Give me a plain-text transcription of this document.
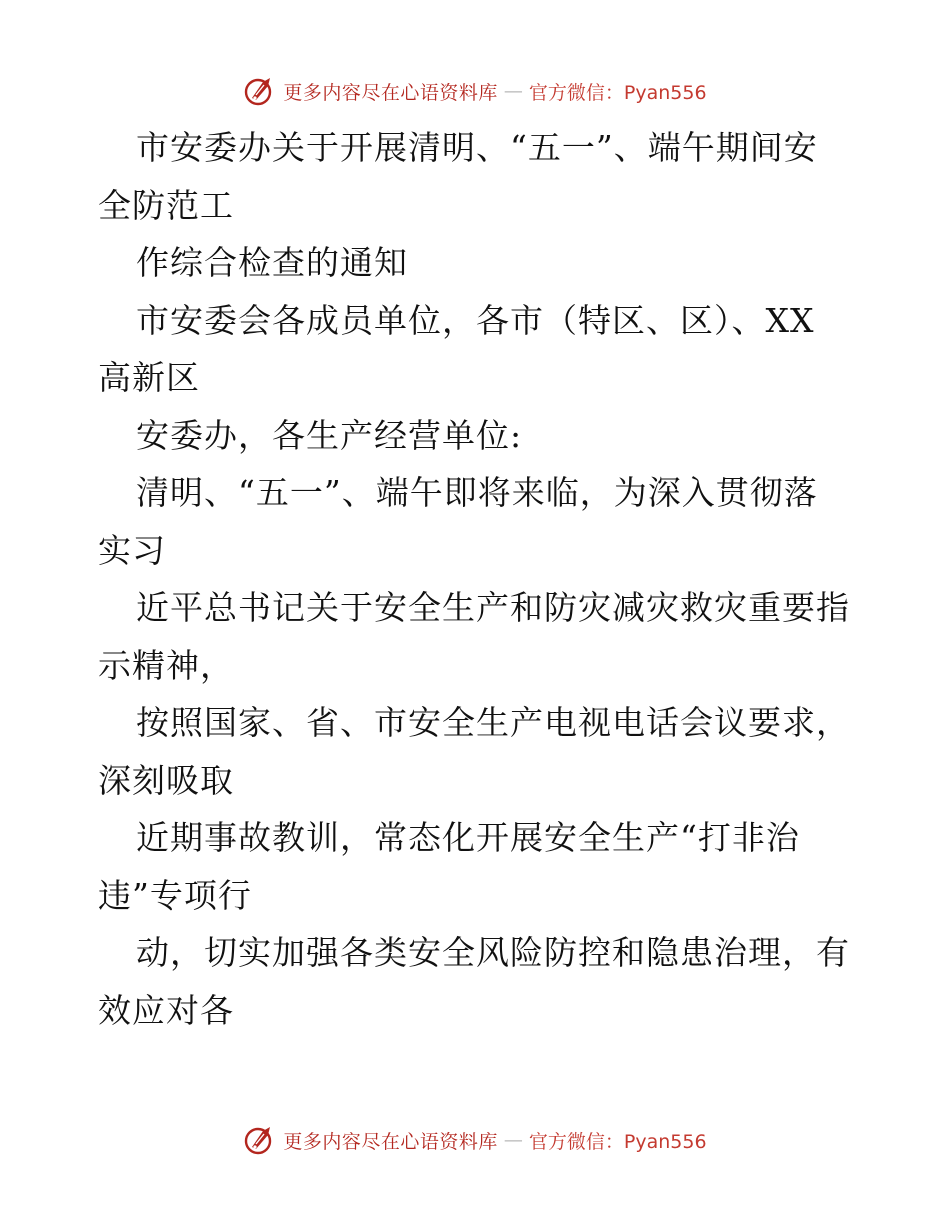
更多内容尽在心语资料库 — 官方微信：Pyan556
市安委办关于开展清明、“五一”、端午期间安
全防范工
作综合检查的通知
市安委会各成员单位，各市（特区、区）、XX
高新区
安委办，各生产经营单位:
清明、“五一”、端午即将来临，为深入贯彻落
实习
近平总书记关于安全生产和防灾减灾救灾重要指
示精神，
按照国家、省、市安全生产电视电话会议要求，
深刻吸取
近期事故教训，常态化开展安全生产“打非治
违”专项行
动，切实加强各类安全风险防控和隐患治理，有
效应对各
更多内容尽在心语资料库 — 官方微信：Pyan556
